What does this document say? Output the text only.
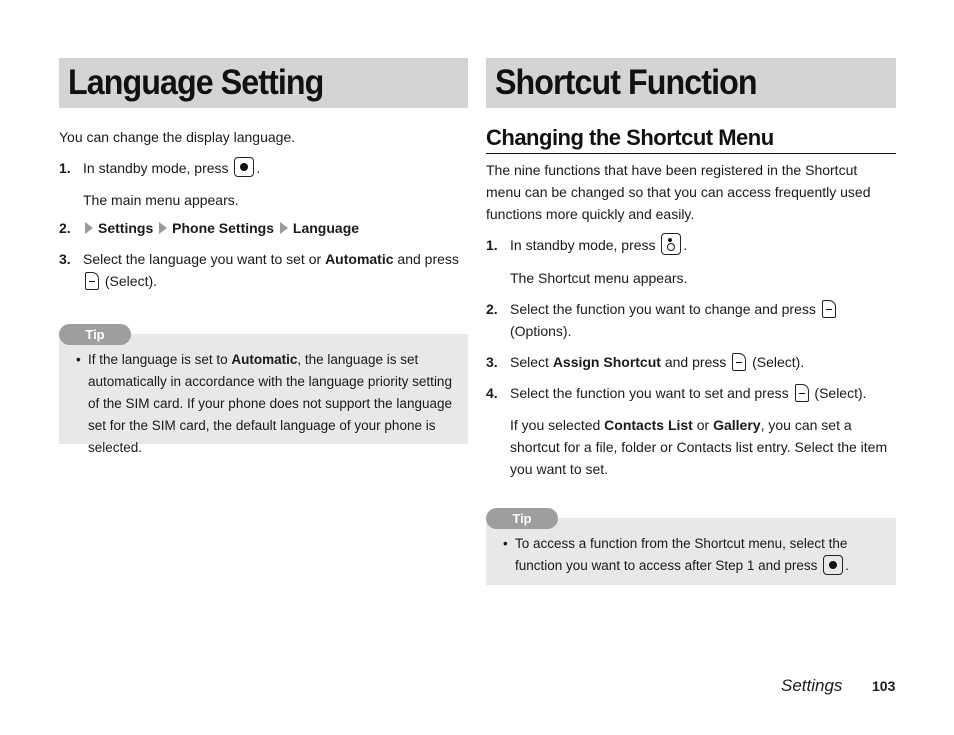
Language Setting

You can change the display language.

1. In standby mode, press .
The main menu appears.
2.	Settings Phone Settings Language
3. Select the language you want to set or Automatic and press  (Select).
Tip
• If the language is set to Automatic, the language is set automatically in accordance with the language priority setting of the SIM card. If your phone does not support the language set for the SIM card, the default language of your phone is selected.
Shortcut Function
Changing the Shortcut Menu

The nine functions that have been registered in the Shortcut menu can be changed so that you can access frequently used functions more quickly and easily.

1. In standby mode, press .
The Shortcut menu appears.
2. Select the function you want to change and press  (Options).
3. Select Assign Shortcut and press (Select).
4. Select the function you want to set and press (Select).
If you selected Contacts List or Gallery, you can set a shortcut for a file, folder or Contacts list entry. Select the item you want to set.
Tip
• To access a function from the Shortcut menu, select the function you want to access after Step 1 and press .
Settings 103
